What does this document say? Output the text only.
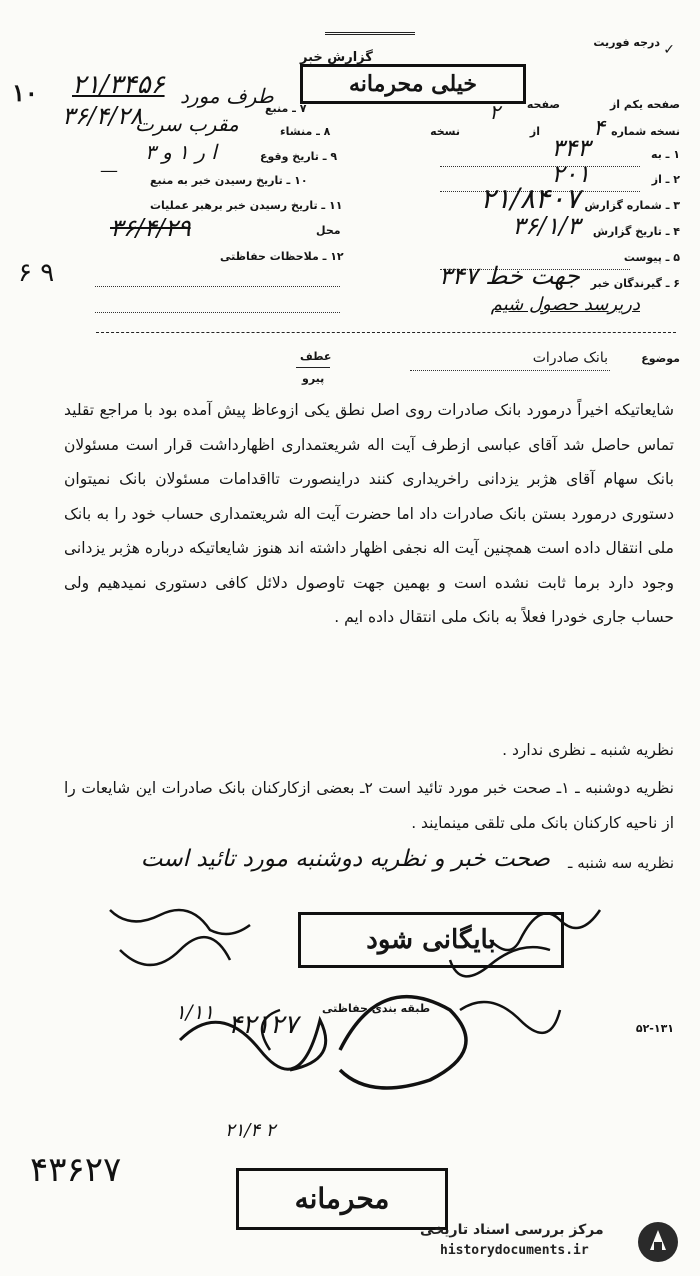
درجه فوریت ✓
گزارش خبر
خیلی محرمانه
۱۰ ۲۱/۳۴۵۶
۳۶/۴/۲۸	صفحه یکم از
صفحه
۲
نسخه شماره
۴
از
نسخه
۷ ـ منبع
طرف مورد
۸ ـ منشاء
مقرب سرت
۹ ـ تاریخ وقوع
ا ر ۱ و ۳
۱۰ ـ تاریخ رسیدن خبر به منبع
—
۱۱ ـ تاریخ رسیدن خبر برهبر عملیات
محل
۳۶/۴/۲۹
۱۲ ـ ملاحظات حفاظتی
۱ ـ به
۳۴۳
۲ ـ از
۲۰۱
۳ ـ شماره گزارش
۲۱/۸۴۰۷
۴ ـ تاریخ گزارش
۳۶/۱/۳
۵ ـ پیوست
۶ ـ گیرندگان خبر
۳۴۷ جهت خط
دریرسد حصول شیم
۶ ۹
موضوع
بانک صادرات
عطف
پیرو
شایعاتیکه اخیراً درمورد بانک صادرات روی اصل نطق یکی ازوعاظ پیش آمده بود با مراجع تقلید تماس حاصل شد آقای عباسی ازطرف آیت اله شریعتمداری اظهارداشت قرار است مسئولان بانک سهام آقای هژبر یزدانی راخریداری کنند دراینصورت تااقدامات مسئولان بانک نمیتوان دستوری درمورد بستن بانک صادرات داد اما حضرت آیت اله شریعتمداری حساب خود را به بانک ملی انتقال داده است همچنین آیت اله نجفی اظهار داشته اند هنوز شایعاتیکه درباره هژبر یزدانی وجود دارد برما ثابت نشده است و بهمین جهت تاوصول دلائل کافی دستوری نمیدهیم ولی حساب جاری خودرا فعلاً به بانک ملی انتقال داده ایم .
نظریه شنبه ـ نظری ندارد .
نظریه دوشنبه ـ ۱ـ صحت خبر مورد تائید است ۲ـ بعضی ازکارکنان بانک صادرات این شایعات را از ناحیه کارکنان بانک ملی تلقی مینمایند .
نظریه سه شنبه ـ
صحت خبر و نظریه دوشنبه مورد تائید است
بایگانی شود
۴۲۱۲۷
۱/۱۱
۲۱/۴ ۲
طبقه بندی حفاظتی
۵۲-۱۳۱
۴۳۶۲۷
محرمانه
مرکز بررسی اسناد تاریخی
historydocuments.ir
